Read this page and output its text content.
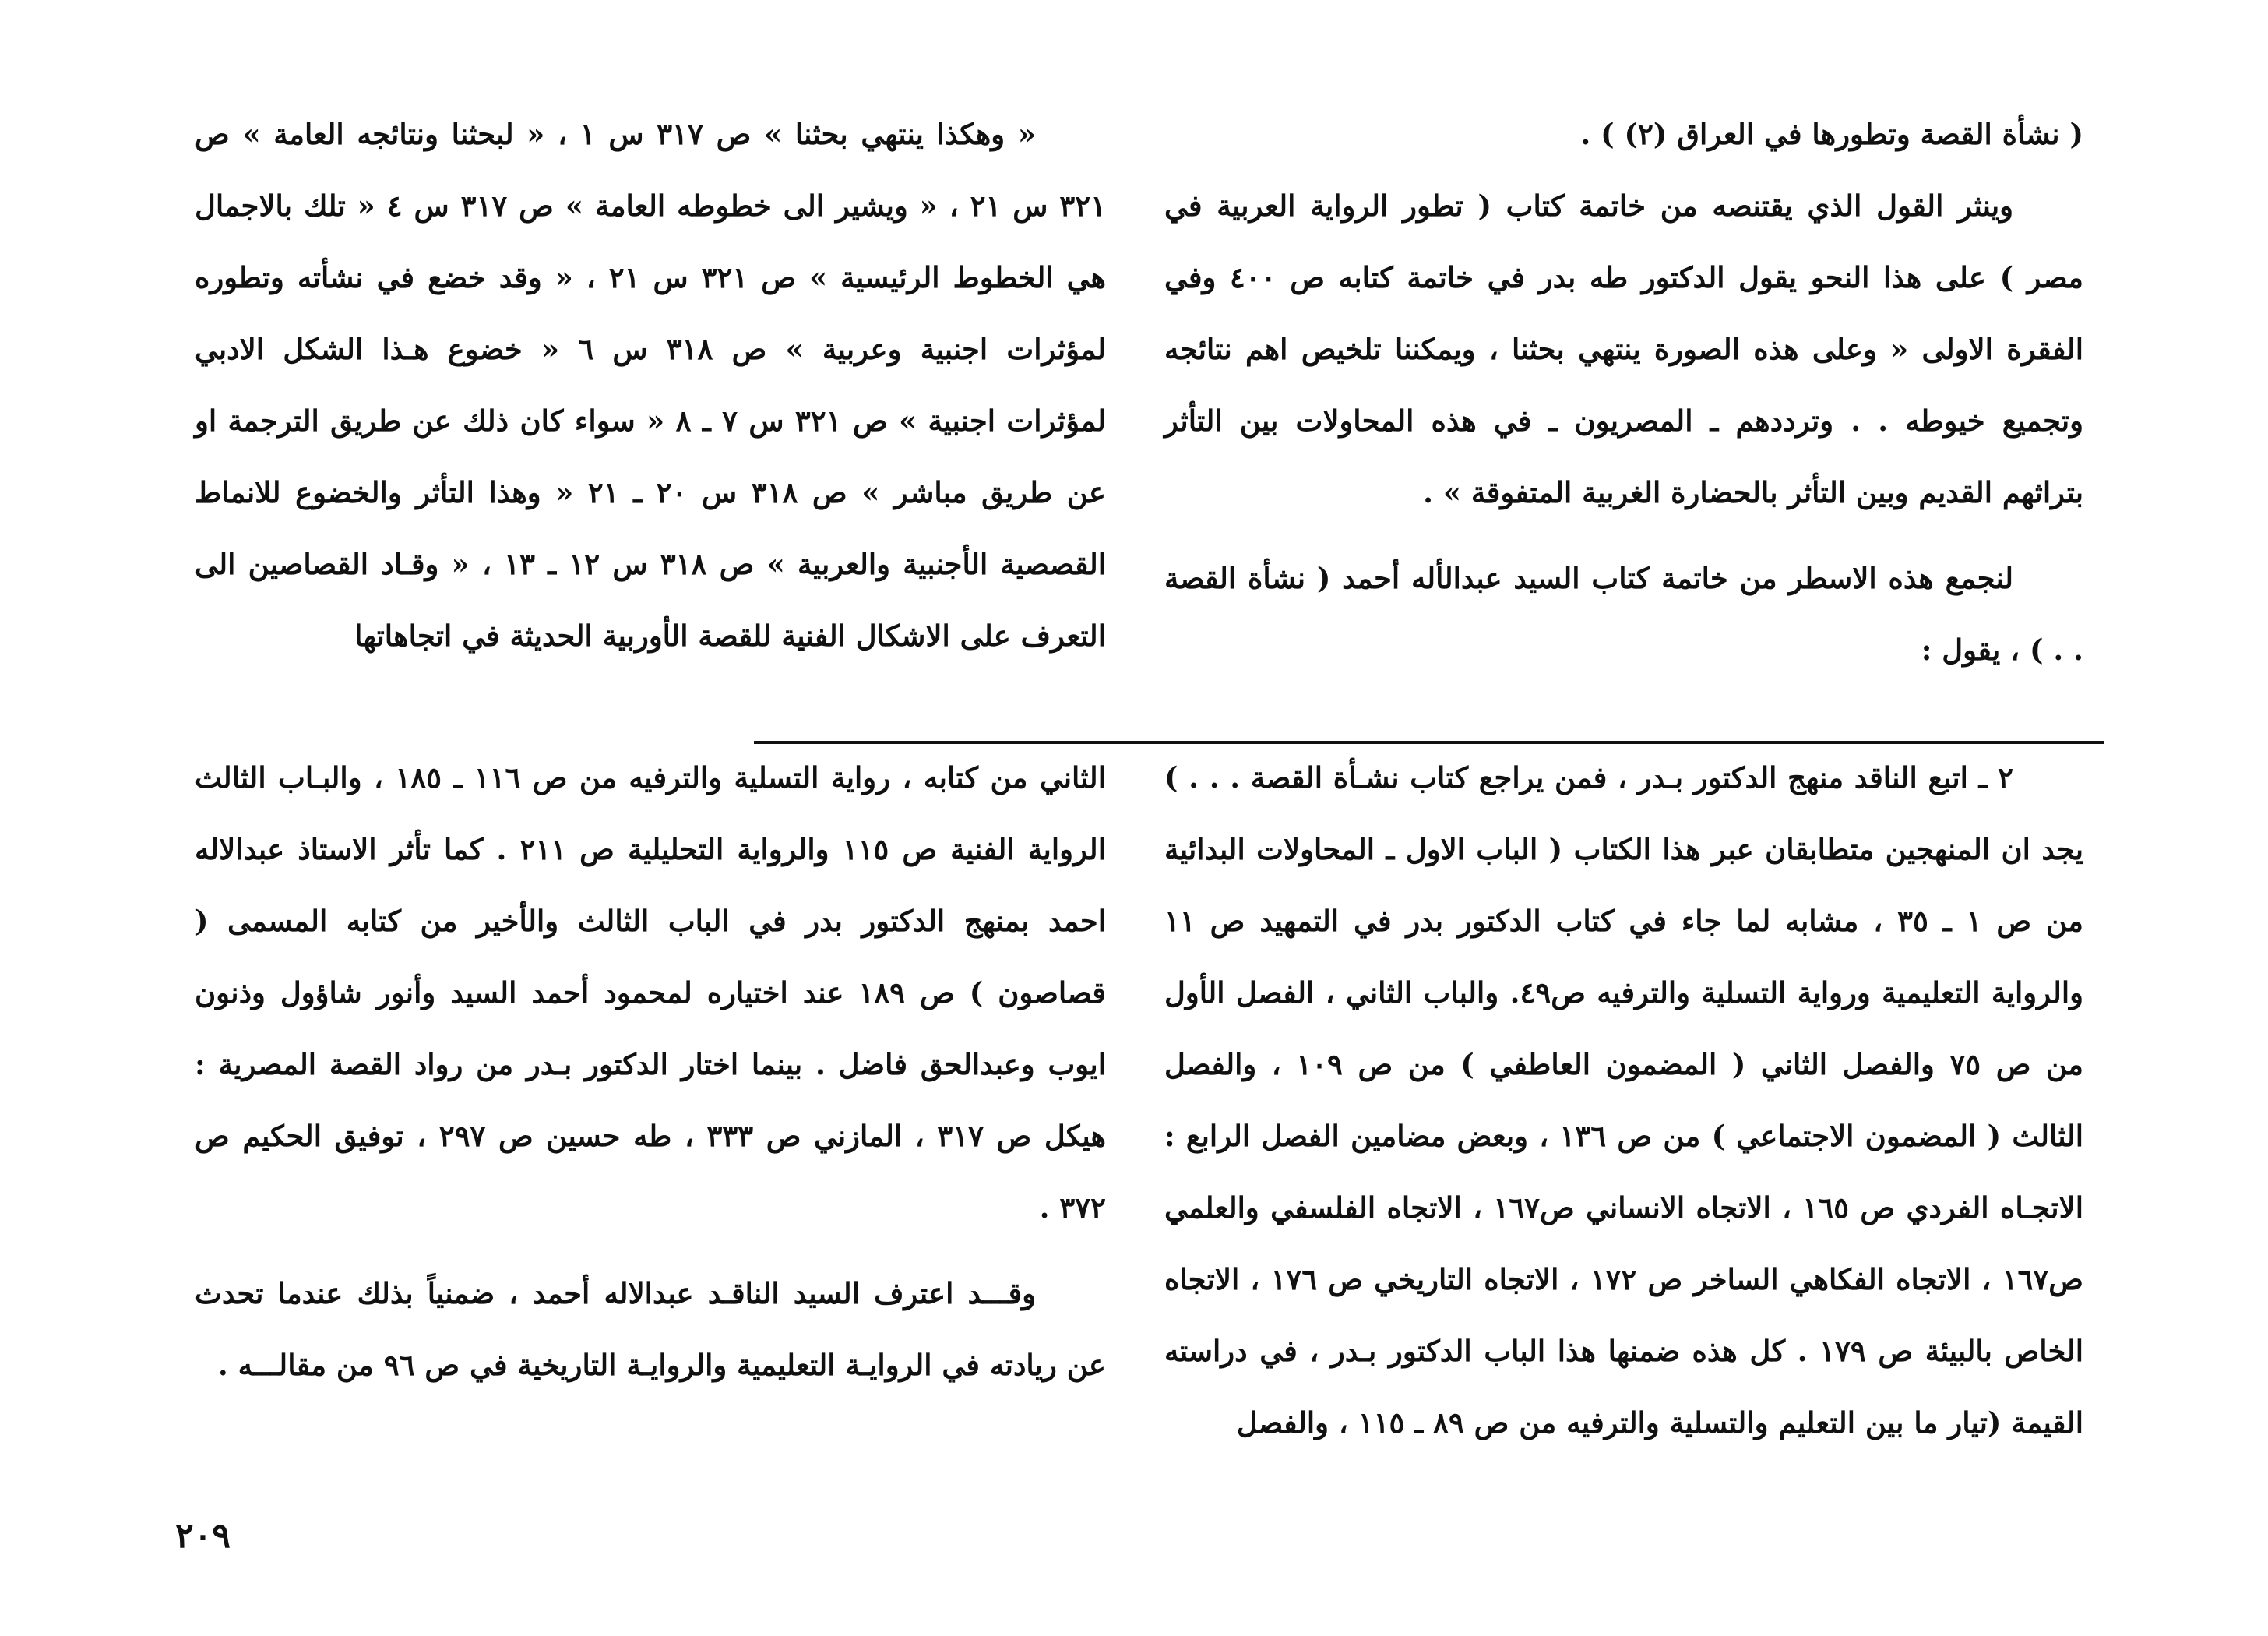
( نشأة القصة وتطورها في العراق (٢) ) .

وينثر القول الذي يقتنصه من خاتمة كتاب ( تطور الرواية العربية في مصر ) على هذا النحو يقول الدكتور طه بدر في خاتمة كتابه ص ٤٠٠ وفي الفقرة الاولى « وعلى هذه الصورة ينتهي بحثنا ، ويمكننا تلخيص اهم نتائجه وتجميع خيوطه . . وترددهم ـ المصريون ـ في هذه المحاولات بين التأثر بتراثهم القديم وبين التأثر بالحضارة الغربية المتفوقة » .

لنجمع هذه الاسطر من خاتمة كتاب السيد عبدالأله أحمد ( نشأة القصة . . ) ، يقول :

« وهكذا ينتهي بحثنا » ص ٣١٧ س ١ ، « لبحثنا ونتائجه العامة » ص ٣٢١ س ٢١ ، « ويشير الى خطوطه العامة » ص ٣١٧ س ٤ « تلك بالاجمال هي الخطوط الرئيسية » ص ٣٢١ س ٢١ ، « وقد خضع في نشأته وتطوره لمؤثرات اجنبية وعربية » ص ٣١٨ س ٦ « خضوع هـذا الشكل الادبي لمؤثرات اجنبية » ص ٣٢١ س ٧ ـ ٨ « سواء كان ذلك عن طريق الترجمة او عن طريق مباشر » ص ٣١٨ س ٢٠ ـ ٢١ « وهذا التأثر والخضوع للانماط القصصية الأجنبية والعربية » ص ٣١٨ س ١٢ ـ ١٣ ، « وقـاد القصاصين الى التعرف على الاشكال الفنية للقصة الأوربية الحديثة في اتجاهاتها

٢ ـ اتبع الناقد منهج الدكتور بـدر ، فمن يراجع كتاب نشـأة القصة . . . ) يجد ان المنهجين متطابقان عبر هذا الكتاب ( الباب الاول ـ المحاولات البدائية من ص ١ ـ ٣٥ ، مشابه لما جاء في كتاب الدكتور بدر في التمهيد ص ١١ والرواية التعليمية ورواية التسلية والترفيه ص٤٩. والباب الثاني ، الفصل الأول من ص ٧٥ والفصل الثاني ( المضمون العاطفي ) من ص ١٠٩ ، والفصل الثالث ( المضمون الاجتماعي ) من ص ١٣٦ ، وبعض مضامين الفصل الرابع : الاتجـاه الفردي ص ١٦٥ ، الاتجاه الانساني ص١٦٧ ، الاتجاه الفلسفي والعلمي ص١٦٧ ، الاتجاه الفكاهي الساخر ص ١٧٢ ، الاتجاه التاريخي ص ١٧٦ ، الاتجاه الخاص بالبيئة ص ١٧٩ . كل هذه ضمنها هذا الباب الدكتور بـدر ، في دراسته القيمة (تيار ما بين التعليم والتسلية والترفيه من ص ٨٩ ـ ١١٥ ، والفصل

الثاني من كتابه ، رواية التسلية والترفيه من ص ١١٦ ـ ١٨٥ ، والبـاب الثالث الرواية الفنية ص ١١٥ والرواية التحليلية ص ٢١١ . كما تأثر الاستاذ عبدالاله احمد بمنهج الدكتور بدر في الباب الثالث والأخير من كتابه المسمى ( قصاصون ) ص ١٨٩ عند اختياره لمحمود أحمد السيد وأنور شاؤول وذنون ايوب وعبدالحق فاضل . بينما اختار الدكتور بـدر من رواد القصة المصرية : هيكل ص ٣١٧ ، المازني ص ٣٣٣ ، طه حسين ص ٢٩٧ ، توفيق الحكيم ص ٣٧٢ .

وقـــد اعترف السيد الناقـد عبدالاله أحمد ، ضمنياً بذلك عندما تحدث عن ريادته في الروايـة التعليمية والروايـة التاريخية في ص ٩٦ من مقالـــه .

٢٠٩
